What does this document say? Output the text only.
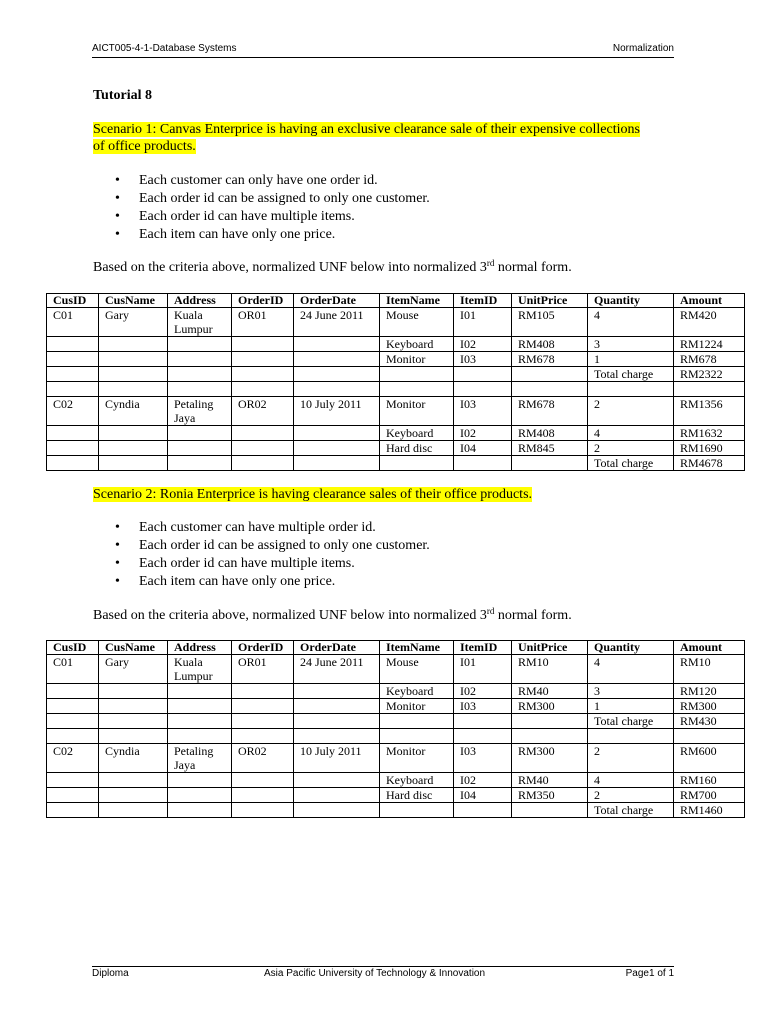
AICT005-4-1-Database Systems	Normalization
Tutorial 8
Scenario 1: Canvas Enterprice is having an exclusive clearance sale of their expensive collections of office products.
• Each customer can only have one order id.
• Each order id can be assigned to only one customer.
• Each order id can have multiple items.
• Each item can have only one price.
Based on the criteria above, normalized UNF below into normalized 3rd normal form.
CusID	CusName	Address	OrderID	OrderDate	ItemName	ItemID	UnitPrice	Quantity	Amount
C01	Gary	Kuala Lumpur	OR01	24 June 2011	Mouse	I01	RM105	4	RM420
					Keyboard	I02	RM408	3	RM1224
					Monitor	I03	RM678	1	RM678
								Total charge	RM2322

C02	Cyndia	Petaling Jaya	OR02	10 July 2011	Monitor	I03	RM678	2	RM1356
					Keyboard	I02	RM408	4	RM1632
					Hard disc	I04	RM845	2	RM1690
								Total charge	RM4678
Scenario 2: Ronia Enterprice is having clearance sales of their office products.
• Each customer can have multiple order id.
• Each order id can be assigned to only one customer.
• Each order id can have multiple items.
• Each item can have only one price.
Based on the criteria above, normalized UNF below into normalized 3rd normal form.
CusID	CusName	Address	OrderID	OrderDate	ItemName	ItemID	UnitPrice	Quantity	Amount
C01	Gary	Kuala Lumpur	OR01	24 June 2011	Mouse	I01	RM10	4	RM10
					Keyboard	I02	RM40	3	RM120
					Monitor	I03	RM300	1	RM300
								Total charge	RM430

C02	Cyndia	Petaling Jaya	OR02	10 July 2011	Monitor	I03	RM300	2	RM600
					Keyboard	I02	RM40	4	RM160
					Hard disc	I04	RM350	2	RM700
								Total charge	RM1460
Diploma	Asia Pacific University of Technology & Innovation	Page1 of 1
